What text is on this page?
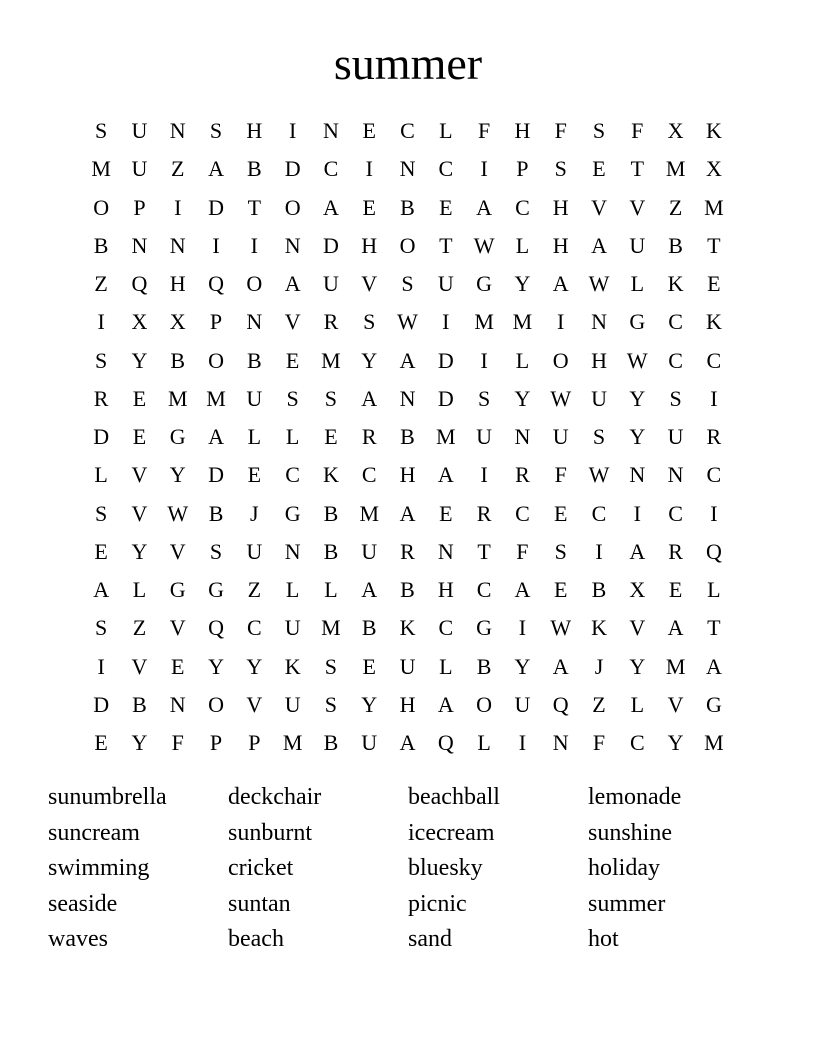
summer
S	U	N	S	H	I	N	E	C	L	F	H	F	S	F	X	K
M U	Z	A	B	D	C	I	N	C	I	P	S	E	T M X
O	P	I	D	T	O	A	E	B	E	A	C	H	V	V	Z M
B	N	N	I	I	N	D	H	O	T W L	H	A	U	B	T
Z	Q	H	Q	O	A	U	V	S	U	G	Y	A W L	K	E
I	X	X	P	N	V	R	S W	I	M M	I	N	G	C	K
S	Y	B	O	B	E M Y	A	D	I	L	O	H W C	C
R	E M M U	S	S	A	N	D	S	Y W U	Y	S	I
D	E	G	A	L	L	E	R	B M U	N	U	S	Y	U	R
L	V	Y	D	E	C	K	C	H	A	I	R	F W N	N	C
S	V W B	J	G	B M A	E	R	C	E	C	I	C	I
E	Y	V	S	U	N	B	U	R	N	T	F	S	I	A	R	Q
A	L	G	G	Z	L	L	A	B	H	C	A	E	B	X	E	L
S	Z	V	Q	C	U M B	K	C	G	I	W K	V	A	T
I	V	E	Y	Y	K	S	E	U	L	B	Y	A	J	Y M A
D	B	N	O	V	U	S	Y	H	A	O	U	Q	Z	L	V	G
E	Y	F	P	P	M B	U	A	Q	L	I	N	F	C	Y M
sunumbrella	deckchair	beachball	lemonade
suncream	sunburnt	icecream	sunshine
swimming	cricket	bluesky	holiday
seaside	suntan	picnic	summer
waves	beach	sand	hot
